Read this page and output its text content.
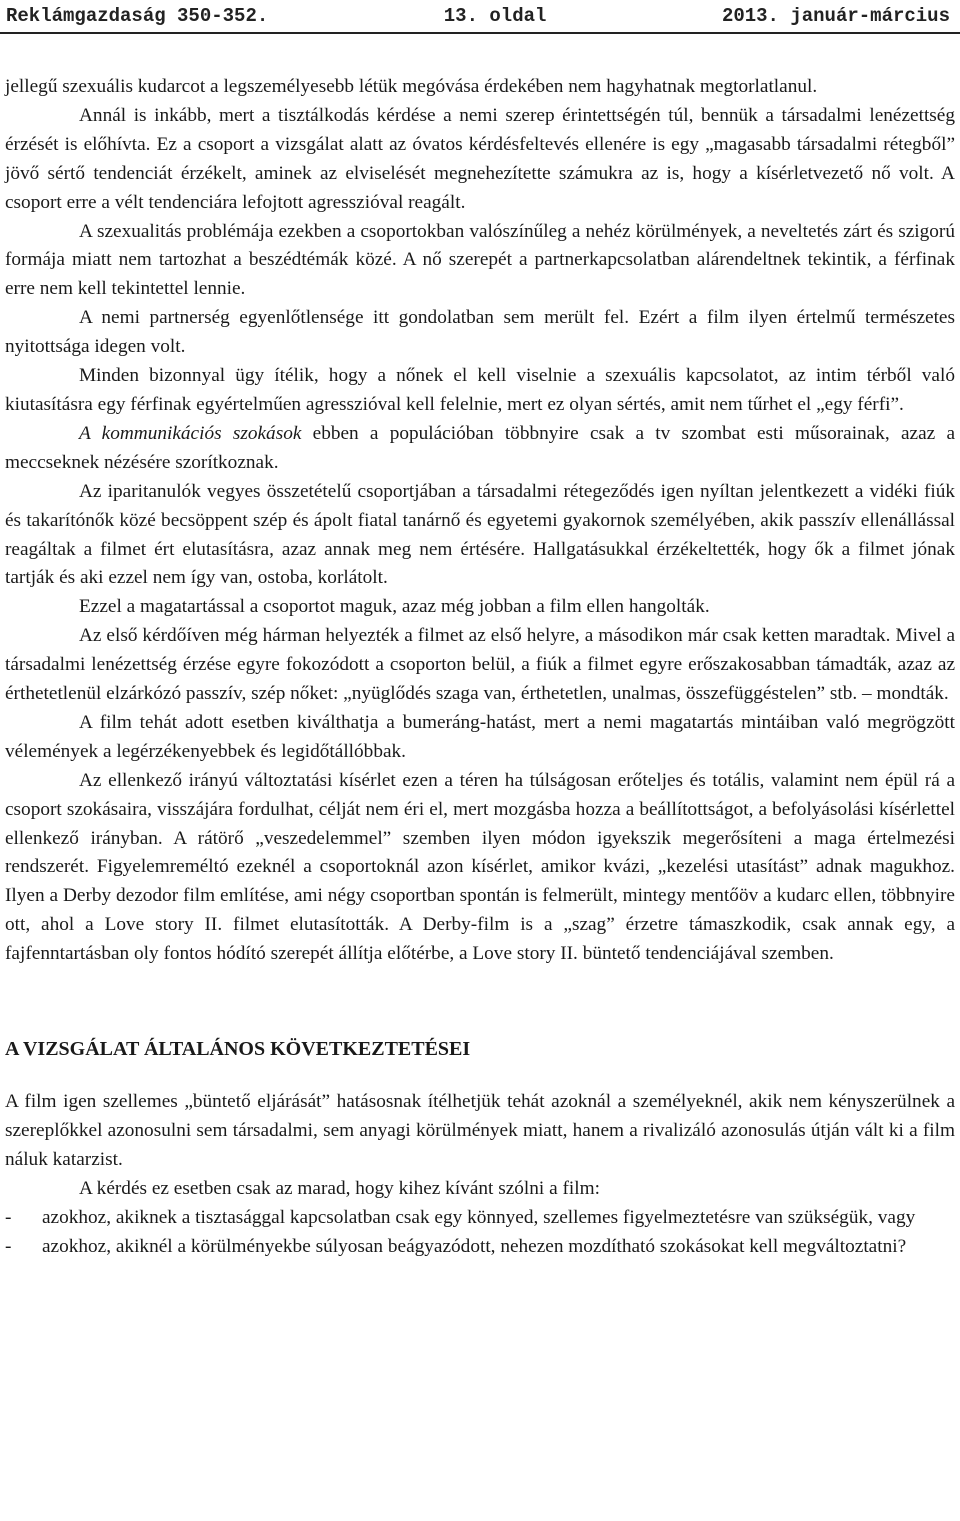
Reklámgazdaság 350-352.	13. oldal	2013. január-március

jellegű szexuális kudarcot a legszemélyesebb létük megóvása érdekében nem hagyhatnak megtorlatlanul.

Annál is inkább, mert a tisztálkodás kérdése a nemi szerep érintettségén túl, bennük a társadalmi lenézettség érzését is előhívta. Ez a csoport a vizsgálat alatt az óvatos kérdésfeltevés ellenére is egy „magasabb társadalmi rétegből” jövő sértő tendenciát érzékelt, aminek az elviselését megnehezítette számukra az is, hogy a kísérletvezető nő volt. A csoport erre a vélt tendenciára lefojtott agresszióval reagált.

A szexualitás problémája ezekben a csoportokban valószínűleg a nehéz körülmények, a neveltetés zárt és szigorú formája miatt nem tartozhat a beszédtémák közé. A nő szerepét a partnerkapcsolatban alárendeltnek tekintik, a férfinak erre nem kell tekintettel lennie.

A nemi partnerség egyenlőtlensége itt gondolatban sem merült fel. Ezért a film ilyen értelmű természetes nyitottsága idegen volt.

Minden bizonnyal ügy ítélik, hogy a nőnek el kell viselnie a szexuális kapcsolatot, az intim térből való kiutasításra egy férfinak egyértelműen agresszióval kell felelnie, mert ez olyan sértés, amit nem tűrhet el „egy férfi”.

A kommunikációs szokások ebben a populációban többnyire csak a tv szombat esti műsorainak, azaz a meccseknek nézésére szorítkoznak.

Az iparitanulók vegyes összetételű csoportjában a társadalmi rétegeződés igen nyíltan jelentkezett a vidéki fiúk és takarítónők közé becsöppent szép és ápolt fiatal tanárnő és egyetemi gyakornok személyében, akik passzív ellenállással reagáltak a filmet ért elutasításra, azaz annak meg nem értésére. Hallgatásukkal érzékeltették, hogy ők a filmet jónak tartják és aki ezzel nem így van, ostoba, korlátolt.

Ezzel a magatartással a csoportot maguk, azaz még jobban a film ellen hangolták.

Az első kérdőíven még hárman helyezték a filmet az első helyre, a másodikon már csak ketten maradtak. Mivel a társadalmi lenézettség érzése egyre fokozódott a csoporton belül, a fiúk a filmet egyre erőszakosabban támadták, azaz az érthetetlenül elzárkózó passzív, szép nőket: „nyüglődés szaga van, érthetetlen, unalmas, összefüggéstelen” stb. – mondták.

A film tehát adott esetben kiválthatja a bumeráng-hatást, mert a nemi magatartás mintáiban való megrögzött vélemények a legérzékenyebbek és legidőtállóbbak.

Az ellenkező irányú változtatási kísérlet ezen a téren ha túlságosan erőteljes és totális, valamint nem épül rá a csoport szokásaira, visszájára fordulhat, célját nem éri el, mert mozgásba hozza a beállítottságot, a befolyásolási kísérlettel ellenkező irányban. A rátörő „veszedelemmel” szemben ilyen módon igyekszik megerősíteni a maga értelmezési rendszerét. Figyelemreméltó ezeknél a csoportoknál azon kísérlet, amikor kvázi, „kezelési utasítást” adnak magukhoz. Ilyen a Derby dezodor film említése, ami négy csoportban spontán is felmerült, mintegy mentőöv a kudarc ellen, többnyire ott, ahol a Love story II. filmet elutasították. A Derby-film is a „szag” érzetre támaszkodik, csak annak egy, a fajfenntartásban oly fontos hódító szerepét állítja előtérbe, a Love story II. büntető tendenciájával szemben.

A VIZSGÁLAT ÁLTALÁNOS KÖVETKEZTETÉSEI

A film igen szellemes „büntető eljárását” hatásosnak ítélhetjük tehát azoknál a személyeknél, akik nem kényszerülnek a szereplőkkel azonosulni sem társadalmi, sem anyagi körülmények miatt, hanem a rivalizáló azonosulás útján vált ki a film náluk katarzist.

A kérdés ez esetben csak az marad, hogy kihez kívánt szólni a film:

- azokhoz, akiknek a tisztasággal kapcsolatban csak egy könnyed, szellemes figyelmeztetésre van szükségük, vagy
- azokhoz, akiknél a körülményekbe súlyosan beágyazódott, nehezen mozdítható szokásokat kell megváltoztatni?
